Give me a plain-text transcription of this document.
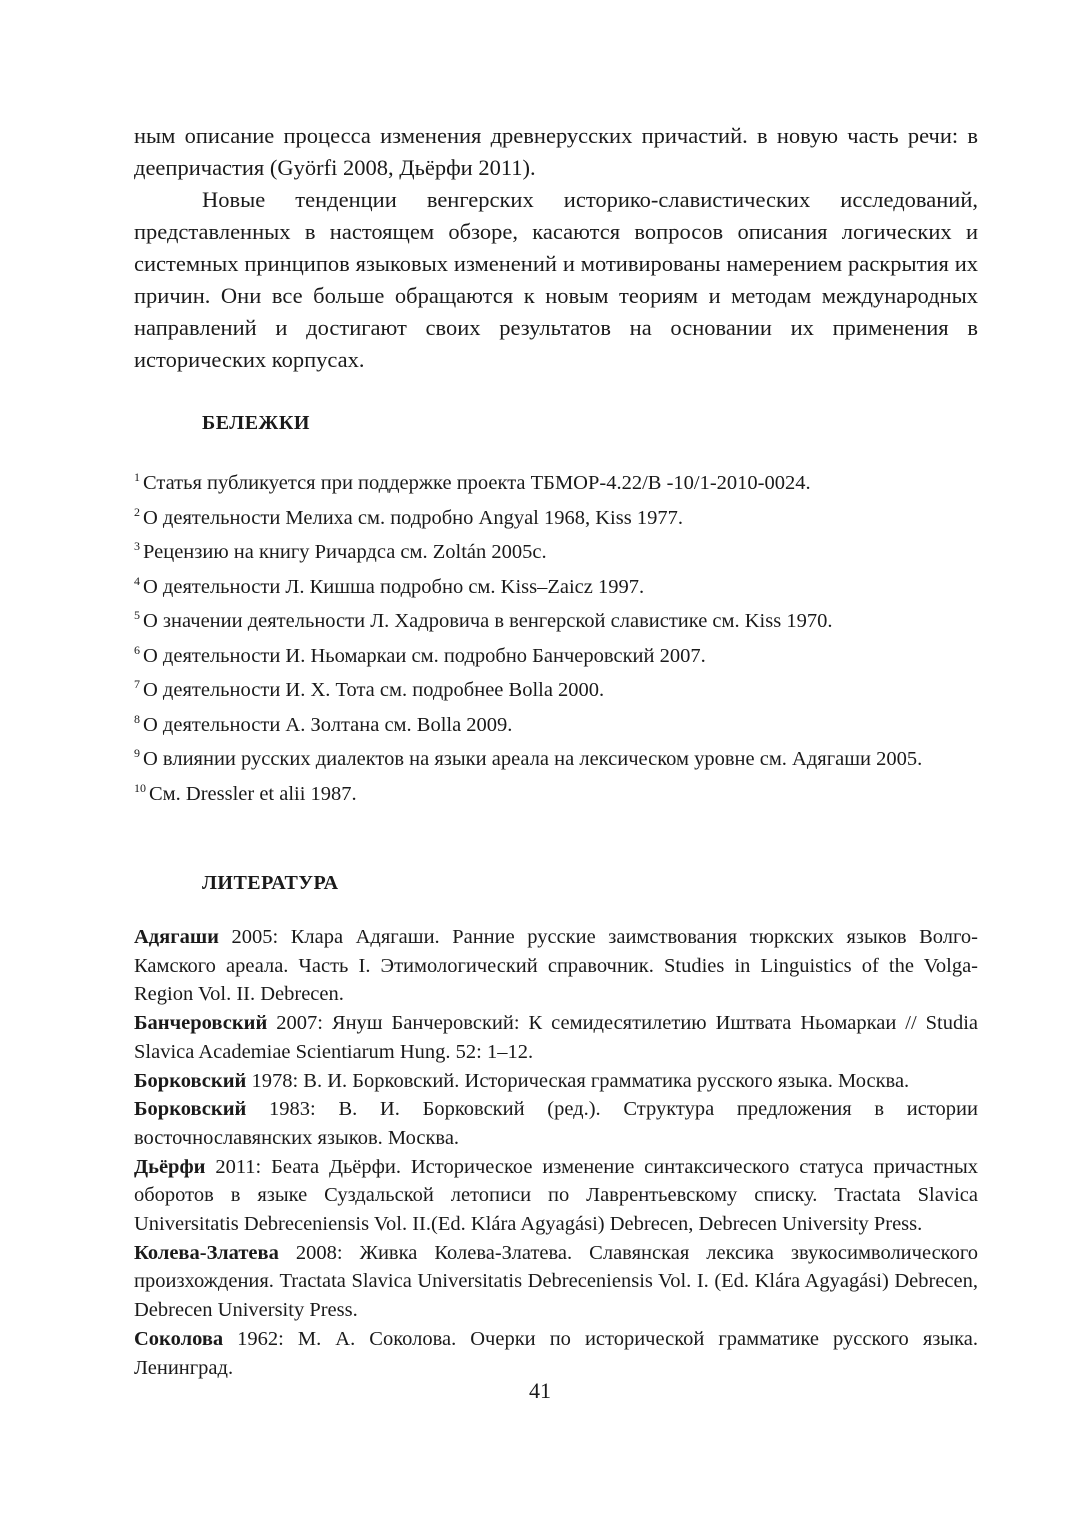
ным описание процесса изменения древнерусских причастий. в новую часть речи: в деепричастия (Györfi 2008, Дьёрфи 2011).

Новые тенденции венгерских историко-славистических исследований, представленных в настоящем обзоре, касаются вопросов описания логических и системных принципов языковых изменений и мотивированы намерением раскрытия их причин. Они все больше обращаются к новым теориям и методам международных направлений и достигают своих результатов на основании их применения в исторических корпусах.

БЕЛЕЖКИ
$^1$ Статья публикуется при поддержке проекта ТБМОР-4.22/В -10/1-2010-0024.
$^2$ О деятельности Мелиха см. подробно Angyal 1968, Kiss 1977.
$^3$ Рецензию на книгу Ричардса см. Zoltán 2005c.
$^4$ О деятельности Л. Кишша подробно см. Kiss–Zaicz 1997.
$^5$ О значении деятельности Л. Хадровича в венгерской славистике см. Kiss 1970.
$^6$ О деятельности И. Ньомаркаи см. подробно Банчеровский 2007.
$^7$ О деятельности И. Х. Тота см. подробнее Bolla 2000.
$^8$ О деятельности А. Золтана см. Bolla 2009.
$^9$ О влиянии русских диалектов на языки ареала на лексическом уровне см. Адягаши 2005.
$^{10}$ См. Dressler et alii 1987.
ЛИТЕРАТУРА
Адягаши 2005: Клара Адягаши. Ранние русские заимствования тюркских языков Волго-Камского ареала. Часть I. Этимологический справочник. Studies in Linguistics of the Volga-Region Vol. II. Debrecen.
Банчеровский 2007: Януш Банчеровский: К семидесятилетию Иштвата Ньомаркаи // Studia Slavica Academiae Scientiarum Hung. 52: 1–12.
Борковский 1978: В. И. Борковский. Историческая грамматика русского языка. Москва.
Борковский 1983: В. И. Борковский (ред.). Структура предложения в истории восточнославянских языков. Москва.
Дьёрфи 2011: Беата Дьёрфи. Историческое изменение синтаксического статуса причастных оборотов в языке Суздальской летописи по Лаврентьевскому списку. Tractata Slavica Universitatis Debreceniensis Vol. II.(Ed. Klára Agyagási) Debrecen, Debrecen University Press.
Колева-Златева 2008: Живка Колева-Златева. Славянская лексика звукосимволического произхождения. Tractata Slavica Universitatis Debreceniensis Vol. I. (Ed. Klára Agyagási) Debrecen, Debrecen University Press.
Соколова 1962: М. А. Соколова. Очерки по исторической грамматике русского языка. Ленинград.
41
